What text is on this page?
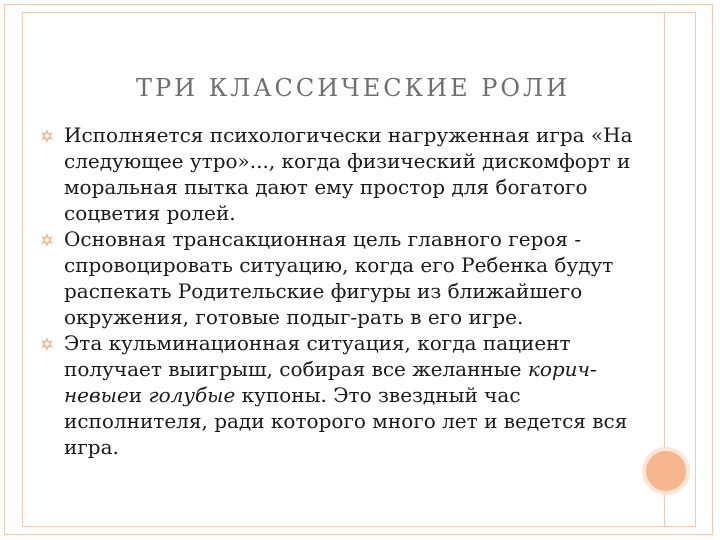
ТРИ КЛАССИЧЕСКИЕ РОЛИ
Исполняется психологически нагруженная игра «На следующее утро»..., когда физический дискомфорт и моральная пытка дают ему простор для богатого соцветия ролей.
Основная трансакционная цель главного героя - спровоцировать ситуацию, когда его Ребенка будут распекать Родительские фигуры из ближайшего окружения, готовые подыг-рать в его игре.
Эта кульминационная ситуация, когда пациент получает выигрыш, собирая все желанные корич-невыеи голубые купоны. Это звездный час исполнителя, ради которого много лет и ведется вся игра.
